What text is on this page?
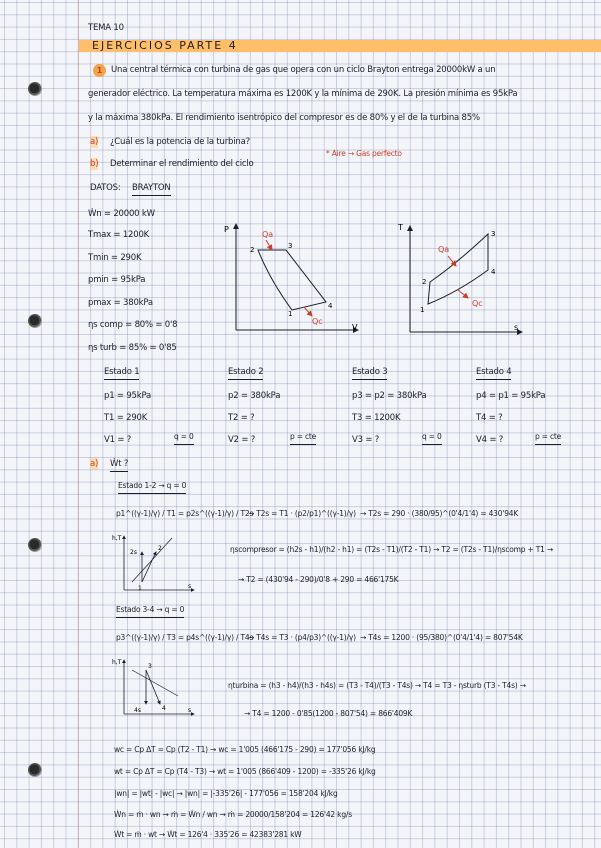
TEMA 10
EJERCICIOS PARTE 4
1	Una central térmica con turbina de gas que opera con un ciclo Brayton entrega 20000kW a un
generador eléctrico. La temperatura máxima es 1200K y la mínima de 290K. La presión mínima es 95kPa
y la máxima 380kPa. El rendimiento isentrópico del compresor es de 80% y el de la turbina 85%
a) ¿Cuál es la potencia de la turbina?
b) Determinar el rendimiento del ciclo
* Aire → Gas perfecto
DATOS: BRAYTON
Ẇn = 20000 kW
Tmax = 1200K
Tmin = 290K
pmin = 95kPa
pmax = 380kPa
ηs comp = 80% = 0'8
ηs turb = 85% = 0'85
P
V
2	3
1
4
Qa
Qc
T
s
2
3
1
4
Qa
Qc
Estado 1
p1 = 95kPa
T1 = 290K
V1 = ?	q = 0
Estado 2
p2 = 380kPa
T2 = ?
V2 = ?	p = cte
Estado 3
p3 = p2 = 380kPa
T3 = 1200K
V3 = ?	q = 0
Estado 4
p4 = p1 = 95kPa
T4 = ?
V4 = ?	p = cte
a) Ẇt ?
Estado 1-2 → q = 0
p1^((γ-1)/γ) / T1 = p2s^((γ-1)/γ) / T2s
→ T2s = T1 · (p2/p1)^((γ-1)/γ) → T2s = 290 · (380/95)^(0'4/1'4) = 430'94K
h,T
s
1
2s
2	ηscompresor = (h2s - h1)/(h2 - h1) = (T2s - T1)/(T2 - T1) → T2 = (T2s - T1)/ηscomp + T1 →
→ T2 = (430'94 - 290)/0'8 + 290 = 466'175K
Estado 3-4 → q = 0
p3^((γ-1)/γ) / T3 = p4s^((γ-1)/γ) / T4s
→ T4s = T3 · (p4/p3)^((γ-1)/γ) → T4s = 1200 · (95/380)^(0'4/1'4) = 807'54K
h,T
s
3
4s	4
ηturbina = (h3 - h4)/(h3 - h4s) = (T3 - T4)/(T3 - T4s) → T4 = T3 - ηsturb (T3 - T4s) →
→ T4 = 1200 - 0'85(1200 - 807'54) = 866'409K
wc = Cp ΔT = Cp (T2 - T1) → wc = 1'005 (466'175 - 290) = 177'056 kJ/kg
wt = Cp ΔT = Cp (T4 - T3) → wt = 1'005 (866'409 - 1200) = -335'26 kJ/kg
|wn| = |wt| - |wc| → |wn| = |-335'26| - 177'056 = 158'204 kJ/kg
Ẇn = ṁ · wn → ṁ = Ẇn / wn → ṁ = 20000/158'204 = 126'42 kg/s
Ẇt = ṁ · wt → Ẇt = 126'4 · 335'26 = 42383'281 kW
